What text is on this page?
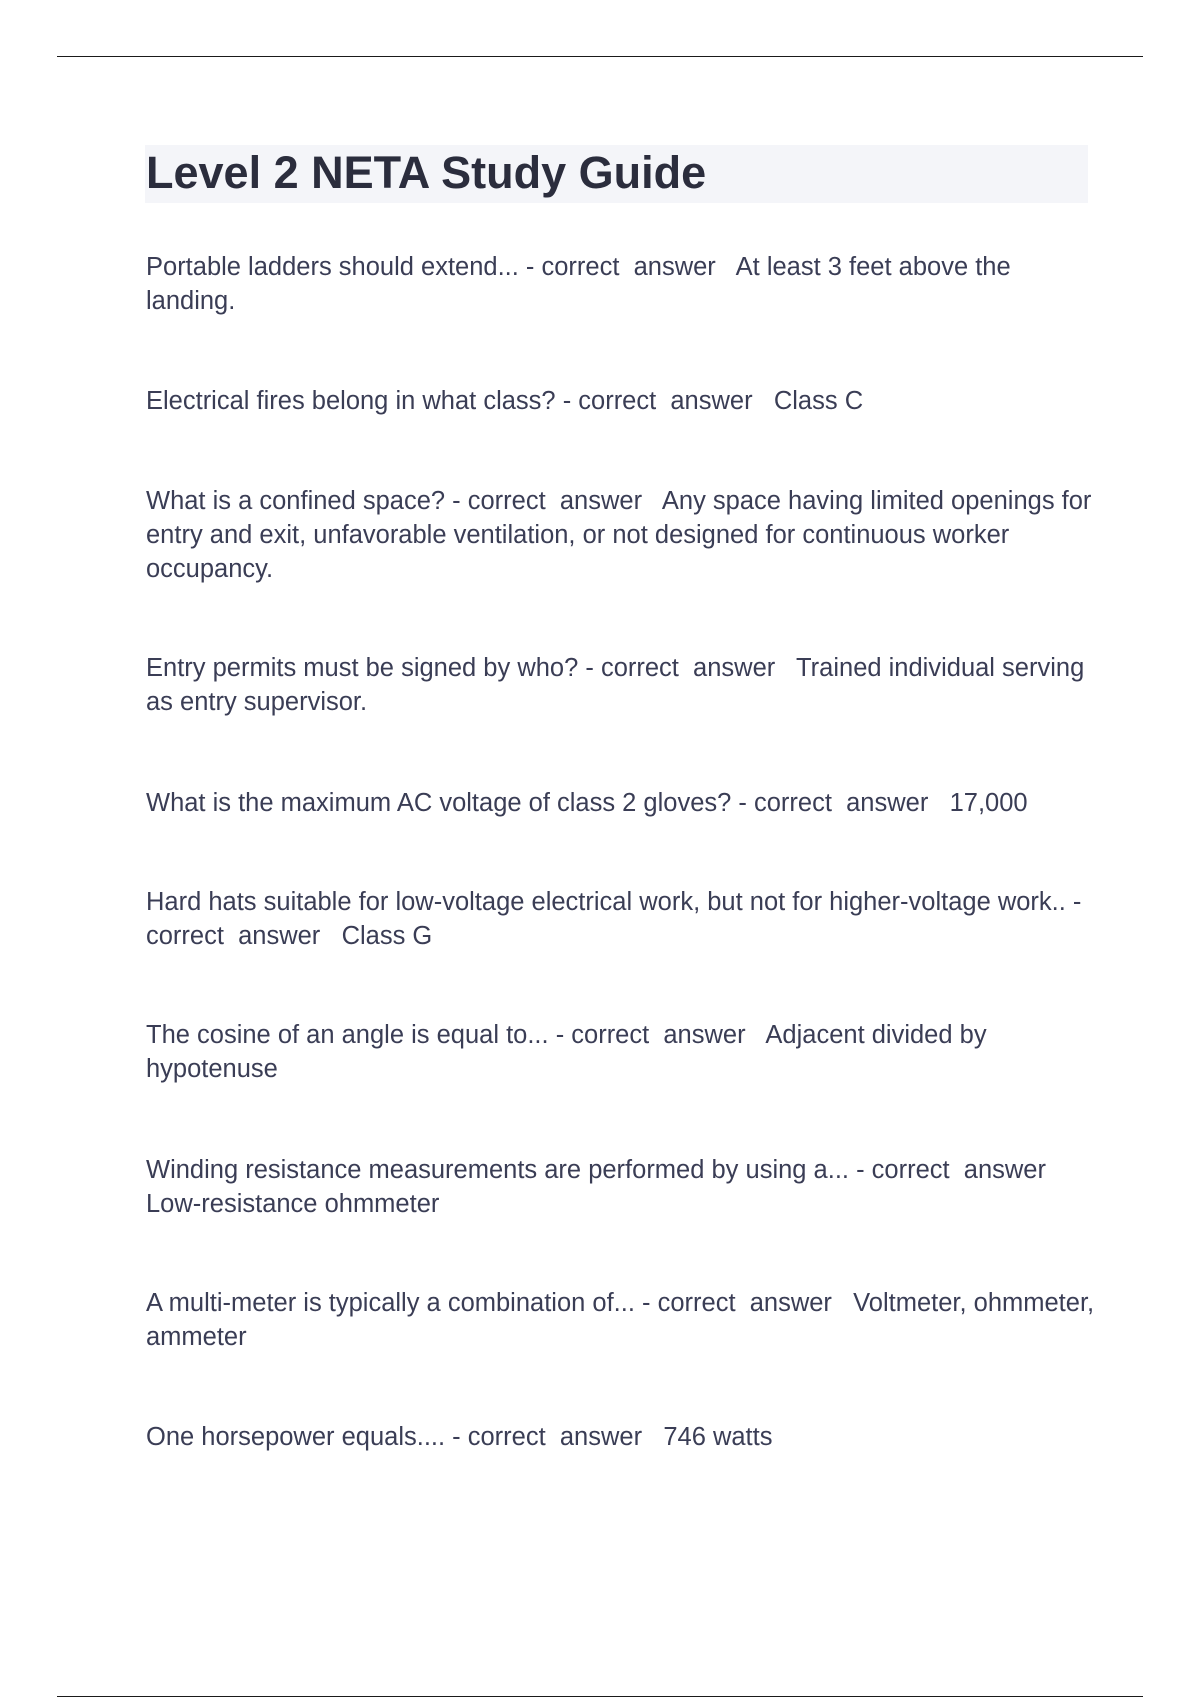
Level 2 NETA Study Guide

Portable ladders should extend... - correct  answer   At least 3 feet above the landing.

Electrical fires belong in what class? - correct  answer   Class C

What is a confined space? - correct  answer   Any space having limited openings for entry and exit, unfavorable ventilation, or not designed for continuous worker occupancy.

Entry permits must be signed by who? - correct  answer   Trained individual serving as entry supervisor.

What is the maximum AC voltage of class 2 gloves? - correct  answer   17,000

Hard hats suitable for low-voltage electrical work, but not for higher-voltage work.. - correct  answer   Class G

The cosine of an angle is equal to... - correct  answer   Adjacent divided by hypotenuse

Winding resistance measurements are performed by using a... - correct  answer   Low-resistance ohmmeter

A multi-meter is typically a combination of... - correct  answer   Voltmeter, ohmmeter, ammeter

One horsepower equals.... - correct  answer   746 watts
